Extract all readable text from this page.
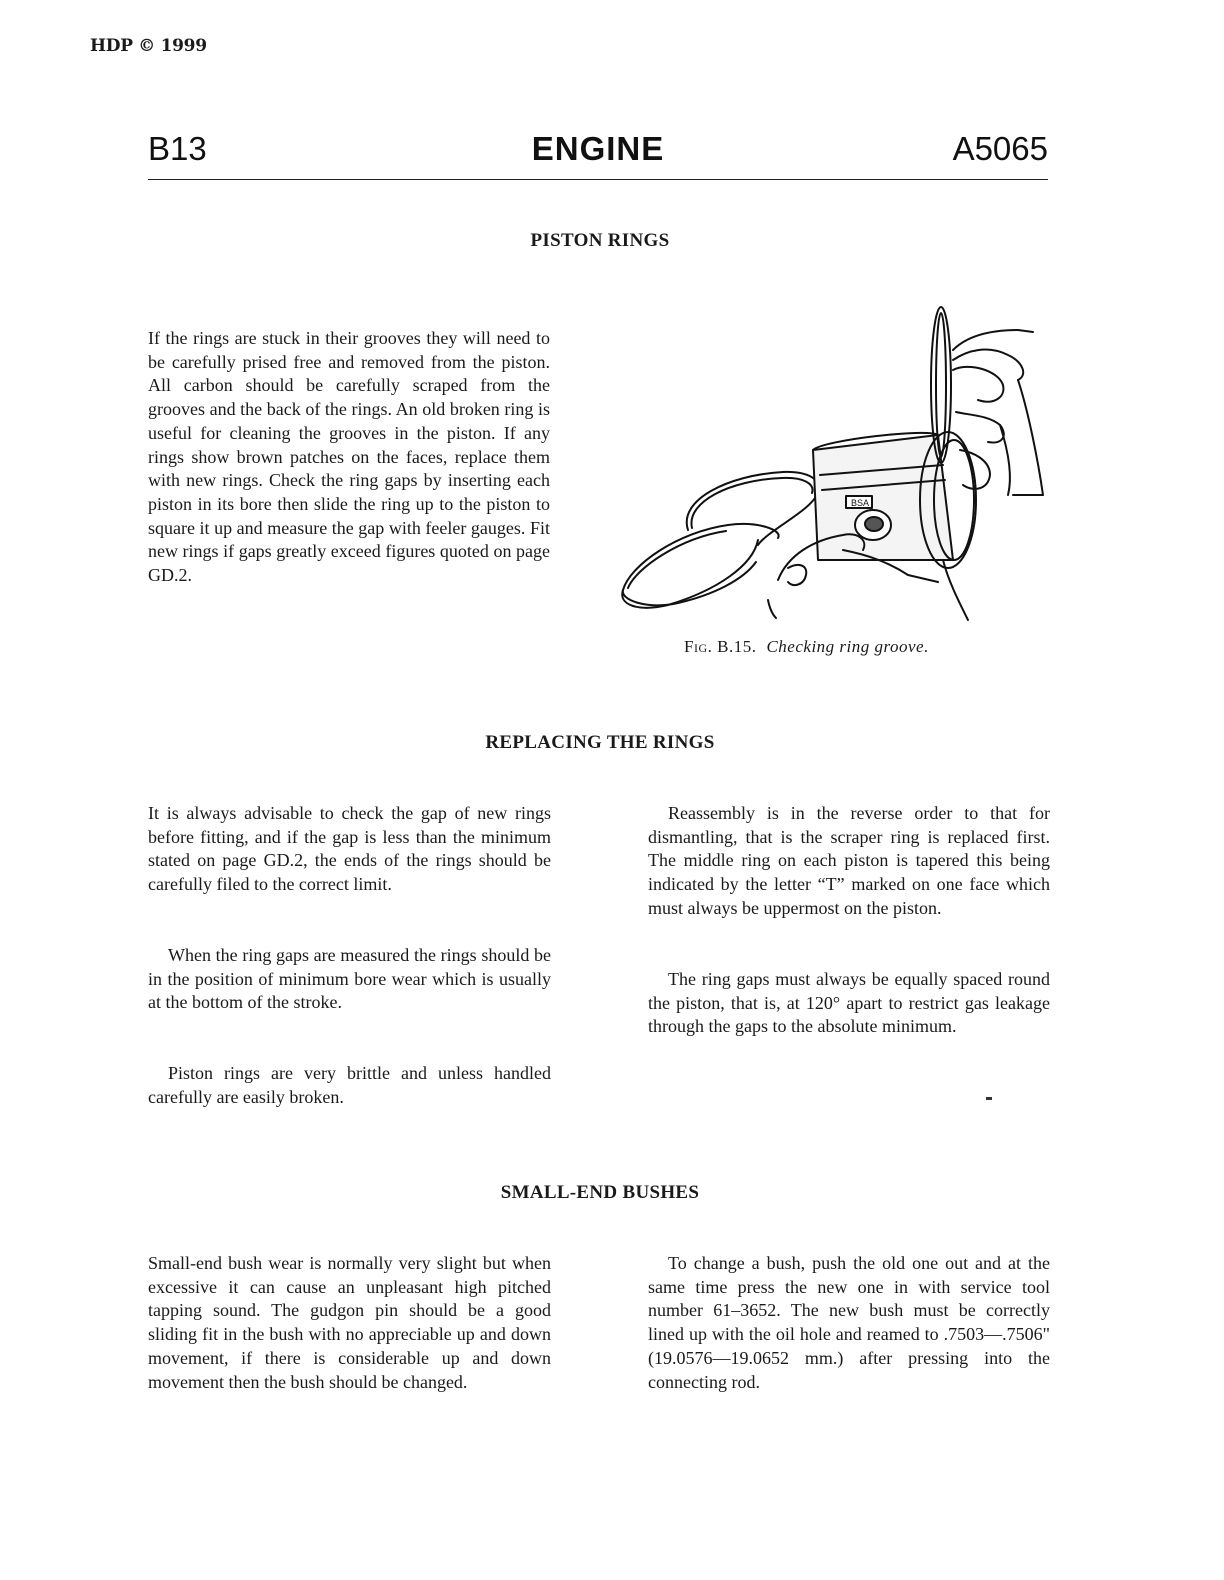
HDP © 1999
B13	ENGINE	A5065
PISTON RINGS

If the rings are stuck in their grooves they will need to be carefully prised free and removed from the piston. All carbon should be carefully scraped from the grooves and the back of the rings. An old broken ring is useful for cleaning the grooves in the piston. If any rings show brown patches on the faces, replace them with new rings. Check the ring gaps by inserting each piston in its bore then slide the ring up to the piston to square it up and measure the gap with feeler gauges. Fit new rings if gaps greatly exceed figures quoted on page GD.2.

BSA
Fig. B.15. Checking ring groove.
REPLACING THE RINGS

It is always advisable to check the gap of new rings before fitting, and if the gap is less than the minimum stated on page GD.2, the ends of the rings should be carefully filed to the correct limit.

When the ring gaps are measured the rings should be in the position of minimum bore wear which is usually at the bottom of the stroke.

Piston rings are very brittle and unless handled carefully are easily broken.

Reassembly is in the reverse order to that for dismantling, that is the scraper ring is replaced first. The middle ring on each piston is tapered this being indicated by the letter “T” marked on one face which must always be uppermost on the piston.

The ring gaps must always be equally spaced round the piston, that is, at 120° apart to restrict gas leakage through the gaps to the absolute minimum.

SMALL-END BUSHES

Small-end bush wear is normally very slight but when excessive it can cause an unpleasant high pitched tapping sound. The gudgon pin should be a good sliding fit in the bush with no appreciable up and down movement, if there is considerable up and down movement then the bush should be changed.

To change a bush, push the old one out and at the same time press the new one in with service tool number 61–3652. The new bush must be correctly lined up with the oil hole and reamed to .7503—.7506" (19.0576—19.0652 mm.) after pressing into the connecting rod.
